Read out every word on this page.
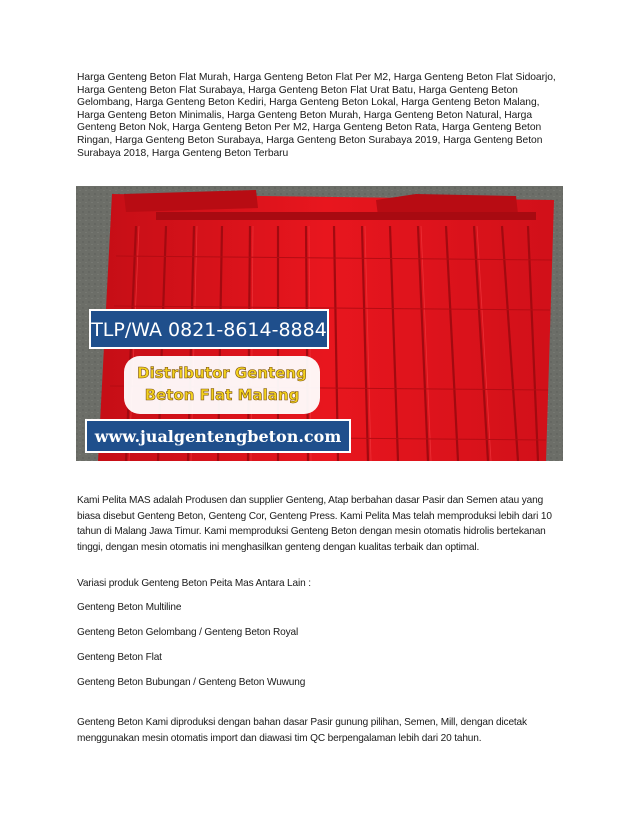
Harga Genteng Beton Flat Murah, Harga Genteng Beton Flat Per M2, Harga Genteng Beton Flat Sidoarjo, Harga Genteng Beton Flat Surabaya, Harga Genteng Beton Flat Urat Batu, Harga Genteng Beton Gelombang, Harga Genteng Beton Kediri, Harga Genteng Beton Lokal, Harga Genteng Beton Malang, Harga Genteng Beton Minimalis, Harga Genteng Beton Murah, Harga Genteng Beton Natural, Harga Genteng Beton Nok, Harga Genteng Beton Per M2, Harga Genteng Beton Rata, Harga Genteng Beton Ringan, Harga Genteng Beton Surabaya, Harga Genteng Beton Surabaya 2019, Harga Genteng Beton Surabaya 2018, Harga Genteng Beton Terbaru

TLP/WA 0821-8614-8884
Distributor Genteng
Beton Flat Malang
www.jualgentengbeton.com

Kami Pelita MAS adalah Produsen dan supplier Genteng, Atap berbahan dasar Pasir dan Semen atau yang biasa disebut Genteng Beton, Genteng Cor, Genteng Press. Kami Pelita Mas telah memproduksi lebih dari 10 tahun di Malang Jawa Timur. Kami memproduksi Genteng Beton dengan mesin otomatis hidrolis bertekanan tinggi, dengan mesin otomatis ini menghasilkan genteng dengan kualitas terbaik dan optimal.

Variasi produk Genteng Beton Peita Mas Antara Lain :

Genteng Beton Multiline

Genteng Beton Gelombang / Genteng Beton Royal

Genteng Beton Flat

Genteng Beton Bubungan / Genteng Beton Wuwung

Genteng Beton Kami diproduksi dengan bahan dasar Pasir gunung pilihan, Semen, Mill, dengan dicetak menggunakan mesin otomatis import dan diawasi tim QC berpengalaman lebih dari 20 tahun.
